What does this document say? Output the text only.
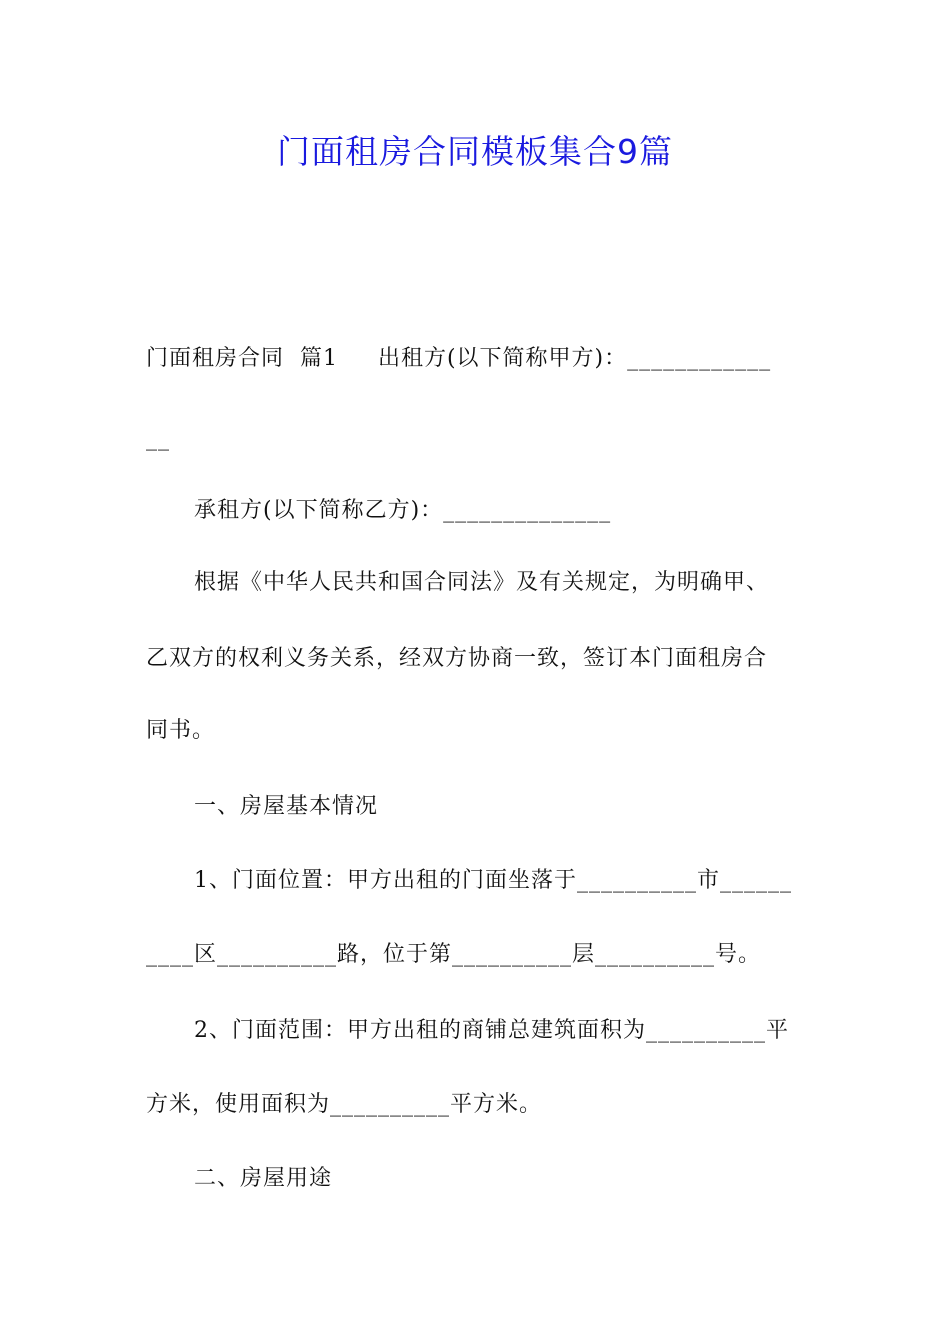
门面租房合同模板集合9篇
门面租房合同  篇1     出租方(以下简称甲方)：____________
__
承租方(以下简称乙方)：______________
根据《中华人民共和国合同法》及有关规定，为明确甲、
乙双方的权利义务关系，经双方协商一致，签订本门面租房合
同书。
一、房屋基本情况
1、门面位置：甲方出租的门面坐落于__________市______
____区__________路，位于第__________层__________号。
2、门面范围：甲方出租的商铺总建筑面积为__________平
方米，使用面积为__________平方米。
二、房屋用途
